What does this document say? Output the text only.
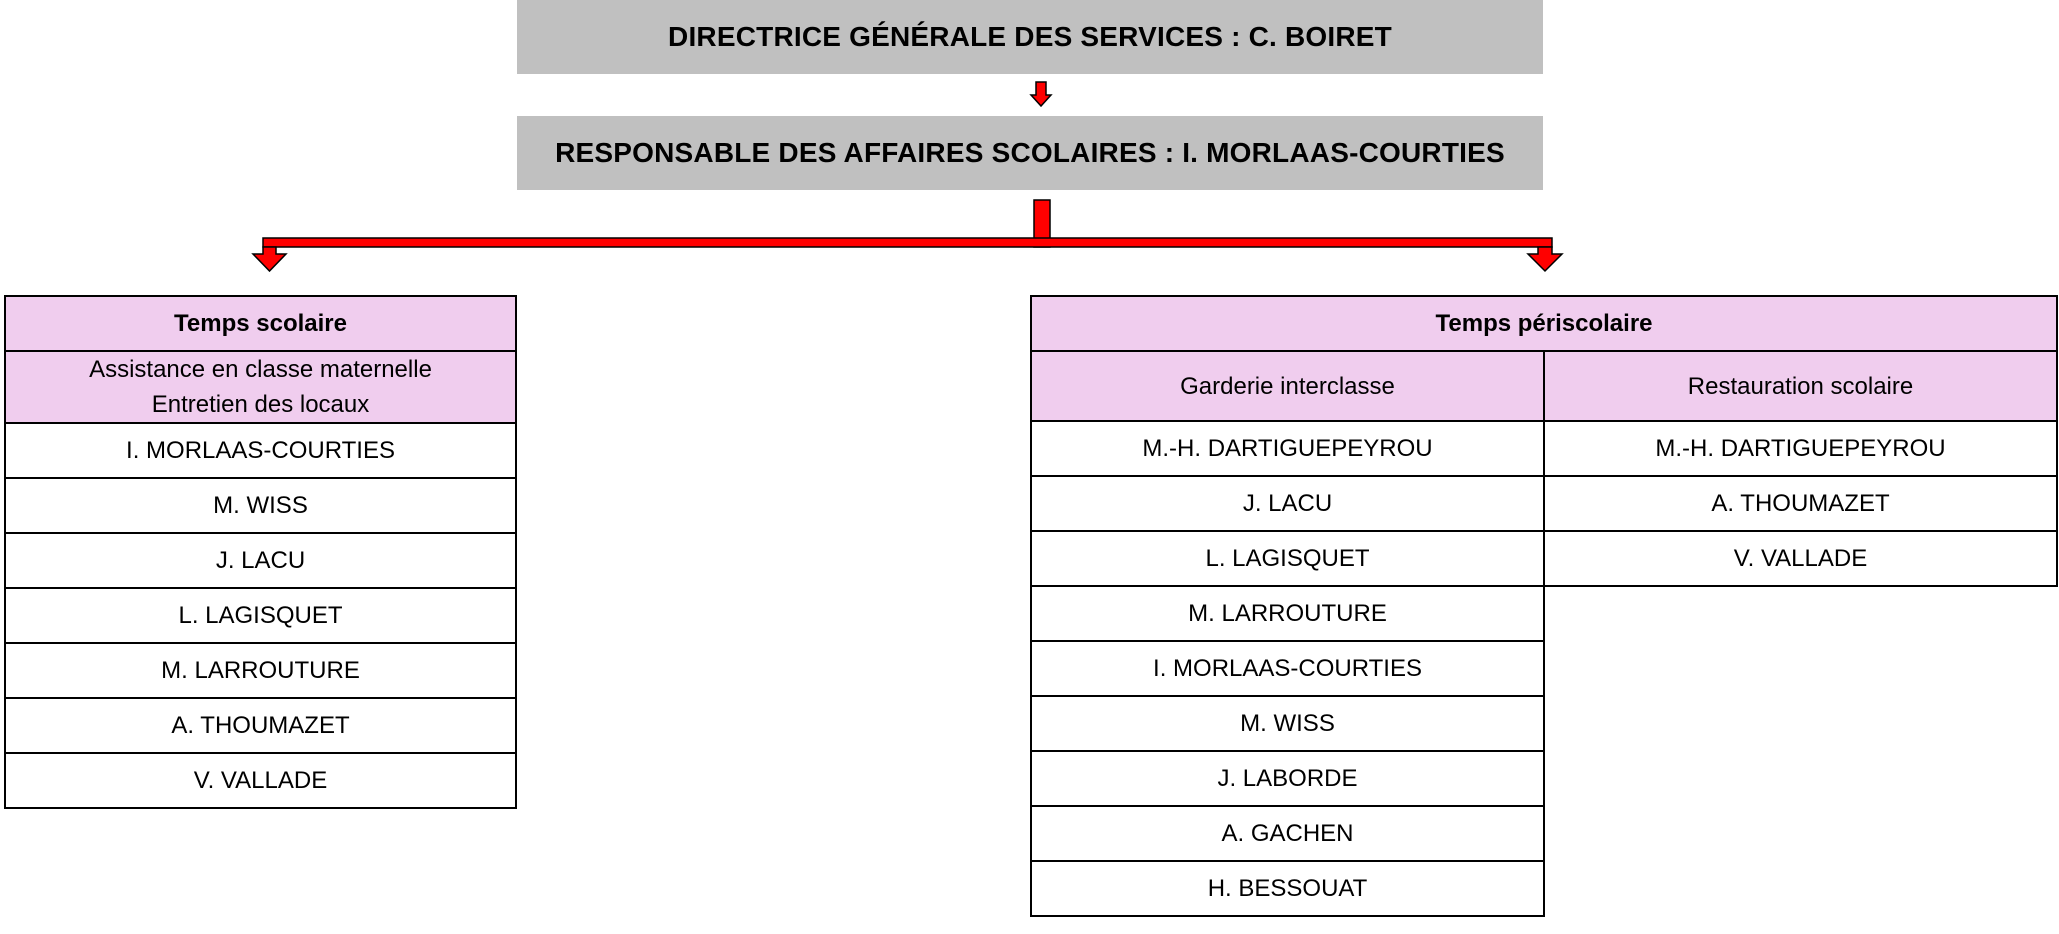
DIRECTRICE GÉNÉRALE DES SERVICES : C. BOIRET
RESPONSABLE DES AFFAIRES SCOLAIRES : I. MORLAAS-COURTIES
Temps scolaire

Assistance en classe maternelle
Entretien des locaux

I. MORLAAS-COURTIES
M. WISS
J. LACU
L. LAGISQUET
M. LARROUTURE
A. THOUMAZET
V. VALLADE
Temps périscolaire	
Garderie interclasse	Restauration scolaire
M.-H. DARTIGUEPEYROU	M.-H. DARTIGUEPEYROU
J. LACU	A. THOUMAZET
L. LAGISQUET	V. VALLADE
M. LARROUTURE	
I. MORLAAS-COURTIES	
M. WISS	
J. LABORDE	
A. GACHEN	
H. BESSOUAT	
